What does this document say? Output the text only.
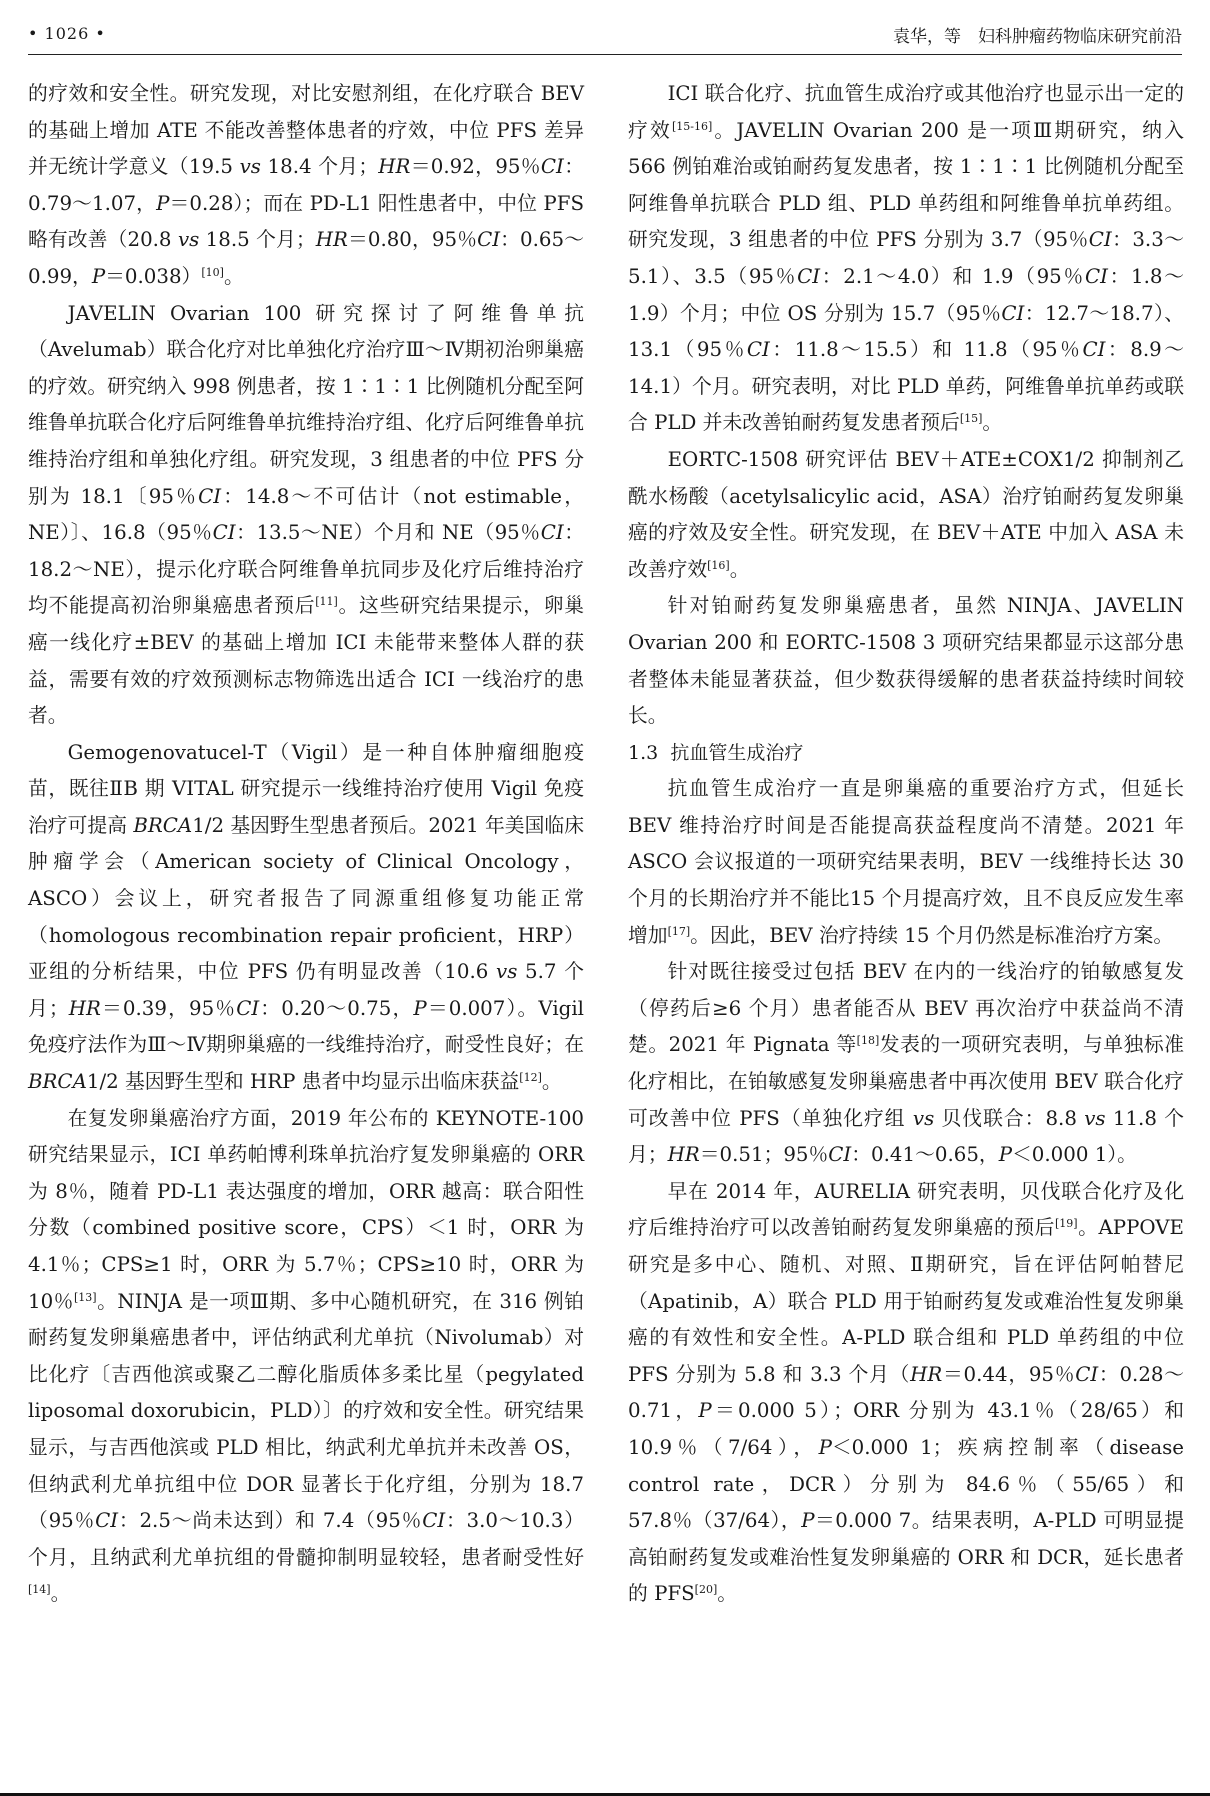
• 1026 •	袁华，等　妇科肿瘤药物临床研究前沿

的疗效和安全性。研究发现，对比安慰剂组，在化疗联合 BEV 的基础上增加 ATE 不能改善整体患者的疗效，中位 PFS 差异并无统计学意义（19.5 vs 18.4 个月；HR＝0.92，95％CI：0.79～1.07，P＝0.28）；而在 PD-L1 阳性患者中，中位 PFS 略有改善（20.8 vs 18.5 个月；HR＝0.80，95％CI：0.65～0.99，P＝0.038）[10]。

JAVELIN Ovarian 100 研究探讨了阿维鲁单抗（Avelumab）联合化疗对比单独化疗治疗Ⅲ～Ⅳ期初治卵巢癌的疗效。研究纳入 998 例患者，按 1∶1∶1 比例随机分配至阿维鲁单抗联合化疗后阿维鲁单抗维持治疗组、化疗后阿维鲁单抗维持治疗组和单独化疗组。研究发现，3 组患者的中位 PFS 分别为 18.1〔95％CI：14.8～不可估计（not estimable，NE）〕、16.8（95％CI：13.5～NE）个月和 NE（95％CI：18.2～NE），提示化疗联合阿维鲁单抗同步及化疗后维持治疗均不能提高初治卵巢癌患者预后[11]。这些研究结果提示，卵巢癌一线化疗±BEV 的基础上增加 ICI 未能带来整体人群的获益，需要有效的疗效预测标志物筛选出适合 ICI 一线治疗的患者。

Gemogenovatucel-T（Vigil）是一种自体肿瘤细胞疫苗，既往ⅡB 期 VITAL 研究提示一线维持治疗使用 Vigil 免疫治疗可提高 BRCA1/2 基因野生型患者预后。2021 年美国临床肿瘤学会（American society of Clinical Oncology，ASCO）会议上，研究者报告了同源重组修复功能正常（homologous recombination repair proficient，HRP）亚组的分析结果，中位 PFS 仍有明显改善（10.6 vs 5.7 个月；HR＝0.39，95％CI：0.20～0.75，P＝0.007）。Vigil 免疫疗法作为Ⅲ～Ⅳ期卵巢癌的一线维持治疗，耐受性良好；在 BRCA1/2 基因野生型和 HRP 患者中均显示出临床获益[12]。

在复发卵巢癌治疗方面，2019 年公布的 KEYNOTE-100 研究结果显示，ICI 单药帕博利珠单抗治疗复发卵巢癌的 ORR 为 8％，随着 PD-L1 表达强度的增加，ORR 越高：联合阳性分数（combined positive score，CPS）＜1 时，ORR 为 4.1％；CPS≥1 时，ORR 为 5.7％；CPS≥10 时，ORR 为 10％[13]。NINJA 是一项Ⅲ期、多中心随机研究，在 316 例铂耐药复发卵巢癌患者中，评估纳武利尤单抗（Nivolumab）对比化疗〔吉西他滨或聚乙二醇化脂质体多柔比星（pegylated liposomal doxorubicin，PLD）〕的疗效和安全性。研究结果显示，与吉西他滨或 PLD 相比，纳武利尤单抗并未改善 OS，但纳武利尤单抗组中位 DOR 显著长于化疗组，分别为 18.7（95％CI：2.5～尚未达到）和 7.4（95％CI：3.0～10.3）个月，且纳武利尤单抗组的骨髓抑制明显较轻，患者耐受性好[14]。

ICI 联合化疗、抗血管生成治疗或其他治疗也显示出一定的疗效[15-16]。JAVELIN Ovarian 200 是一项Ⅲ期研究，纳入 566 例铂难治或铂耐药复发患者，按 1∶1∶1 比例随机分配至阿维鲁单抗联合 PLD 组、PLD 单药组和阿维鲁单抗单药组。研究发现，3 组患者的中位 PFS 分别为 3.7（95％CI：3.3～5.1）、3.5（95％CI：2.1～4.0）和 1.9（95％CI：1.8～1.9）个月；中位 OS 分别为 15.7（95％CI：12.7～18.7）、13.1（95％CI：11.8～15.5）和 11.8（95％CI：8.9～14.1）个月。研究表明，对比 PLD 单药，阿维鲁单抗单药或联合 PLD 并未改善铂耐药复发患者预后[15]。

EORTC-1508 研究评估 BEV＋ATE±COX1/2 抑制剂乙酰水杨酸（acetylsalicylic acid，ASA）治疗铂耐药复发卵巢癌的疗效及安全性。研究发现，在 BEV＋ATE 中加入 ASA 未改善疗效[16]。

针对铂耐药复发卵巢癌患者，虽然 NINJA、JAVELIN Ovarian 200 和 EORTC-1508 3 项研究结果都显示这部分患者整体未能显著获益，但少数获得缓解的患者获益持续时间较长。

1.3 抗血管生成治疗

抗血管生成治疗一直是卵巢癌的重要治疗方式，但延长 BEV 维持治疗时间是否能提高获益程度尚不清楚。2021 年 ASCO 会议报道的一项研究结果表明，BEV 一线维持长达 30 个月的长期治疗并不能比15 个月提高疗效，且不良反应发生率增加[17]。因此，BEV 治疗持续 15 个月仍然是标准治疗方案。

针对既往接受过包括 BEV 在内的一线治疗的铂敏感复发（停药后≥6 个月）患者能否从 BEV 再次治疗中获益尚不清楚。2021 年 Pignata 等[18]发表的一项研究表明，与单独标准化疗相比，在铂敏感复发卵巢癌患者中再次使用 BEV 联合化疗可改善中位 PFS（单独化疗组 vs 贝伐联合：8.8 vs 11.8 个月；HR＝0.51；95％CI：0.41～0.65，P＜0.000 1）。

早在 2014 年，AURELIA 研究表明，贝伐联合化疗及化疗后维持治疗可以改善铂耐药复发卵巢癌的预后[19]。APPOVE 研究是多中心、随机、对照、Ⅱ期研究，旨在评估阿帕替尼（Apatinib，A）联合 PLD 用于铂耐药复发或难治性复发卵巢癌的有效性和安全性。A-PLD 联合组和 PLD 单药组的中位 PFS 分别为 5.8 和 3.3 个月（HR＝0.44，95％CI：0.28～0.71，P＝0.000 5）；ORR 分别为 43.1％（28/65）和 10.9％（7/64），P＜0.000 1；疾病控制率（disease control rate，DCR）分别为 84.6％（55/65）和 57.8％（37/64），P＝0.000 7。结果表明，A-PLD 可明显提高铂耐药复发或难治性复发卵巢癌的 ORR 和 DCR，延长患者的 PFS[20]。
